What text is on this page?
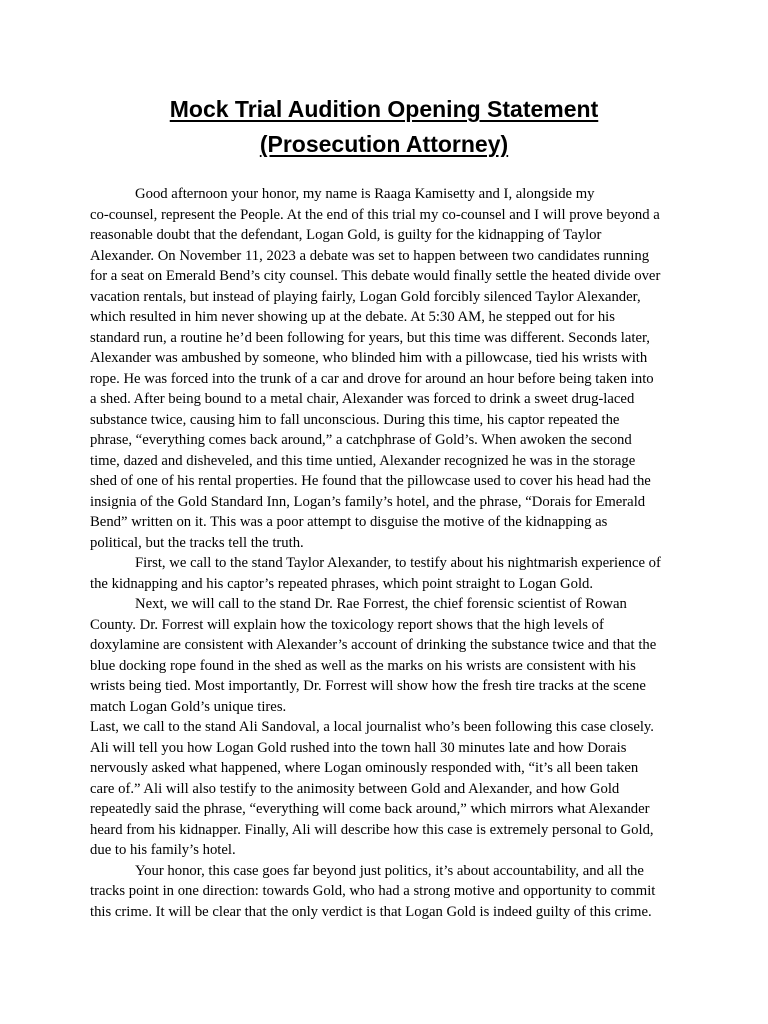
Mock Trial Audition Opening Statement
(Prosecution Attorney)
Good afternoon your honor, my name is Raaga Kamisetty and I, alongside my
co-counsel, represent the People. At the end of this trial my co-counsel and I will prove beyond a
reasonable doubt that the defendant, Logan Gold, is guilty for the kidnapping of Taylor
Alexander. On November 11, 2023 a debate was set to happen between two candidates running
for a seat on Emerald Bend’s city counsel. This debate would finally settle the heated divide over
vacation rentals, but instead of playing fairly, Logan Gold forcibly silenced Taylor Alexander,
which resulted in him never showing up at the debate. At 5:30 AM, he stepped out for his
standard run, a routine he’d been following for years, but this time was different. Seconds later,
Alexander was ambushed by someone, who blinded him with a pillowcase, tied his wrists with
rope. He was forced into the trunk of a car and drove for around an hour before being taken into
a shed. After being bound to a metal chair, Alexander was forced to drink a sweet drug-laced
substance twice, causing him to fall unconscious. During this time, his captor repeated the
phrase, “everything comes back around,” a catchphrase of Gold’s. When awoken the second
time, dazed and disheveled, and this time untied, Alexander recognized he was in the storage
shed of one of his rental properties. He found that the pillowcase used to cover his head had the
insignia of the Gold Standard Inn, Logan’s family’s hotel, and the phrase, “Dorais for Emerald
Bend” written on it. This was a poor attempt to disguise the motive of the kidnapping as
political, but the tracks tell the truth.
First, we call to the stand Taylor Alexander, to testify about his nightmarish experience of
the kidnapping and his captor’s repeated phrases, which point straight to Logan Gold.
Next, we will call to the stand Dr. Rae Forrest, the chief forensic scientist of Rowan
County. Dr. Forrest will explain how the toxicology report shows that the high levels of
doxylamine are consistent with Alexander’s account of drinking the substance twice and that the
blue docking rope found in the shed as well as the marks on his wrists are consistent with his
wrists being tied. Most importantly, Dr. Forrest will show how the fresh tire tracks at the scene
match Logan Gold’s unique tires.
Last, we call to the stand Ali Sandoval, a local journalist who’s been following this case closely.
Ali will tell you how Logan Gold rushed into the town hall 30 minutes late and how Dorais
nervously asked what happened, where Logan ominously responded with, “it’s all been taken
care of.” Ali will also testify to the animosity between Gold and Alexander, and how Gold
repeatedly said the phrase, “everything will come back around,” which mirrors what Alexander
heard from his kidnapper. Finally, Ali will describe how this case is extremely personal to Gold,
due to his family’s hotel.
Your honor, this case goes far beyond just politics, it’s about accountability, and all the
tracks point in one direction: towards Gold, who had a strong motive and opportunity to commit
this crime. It will be clear that the only verdict is that Logan Gold is indeed guilty of this crime.
